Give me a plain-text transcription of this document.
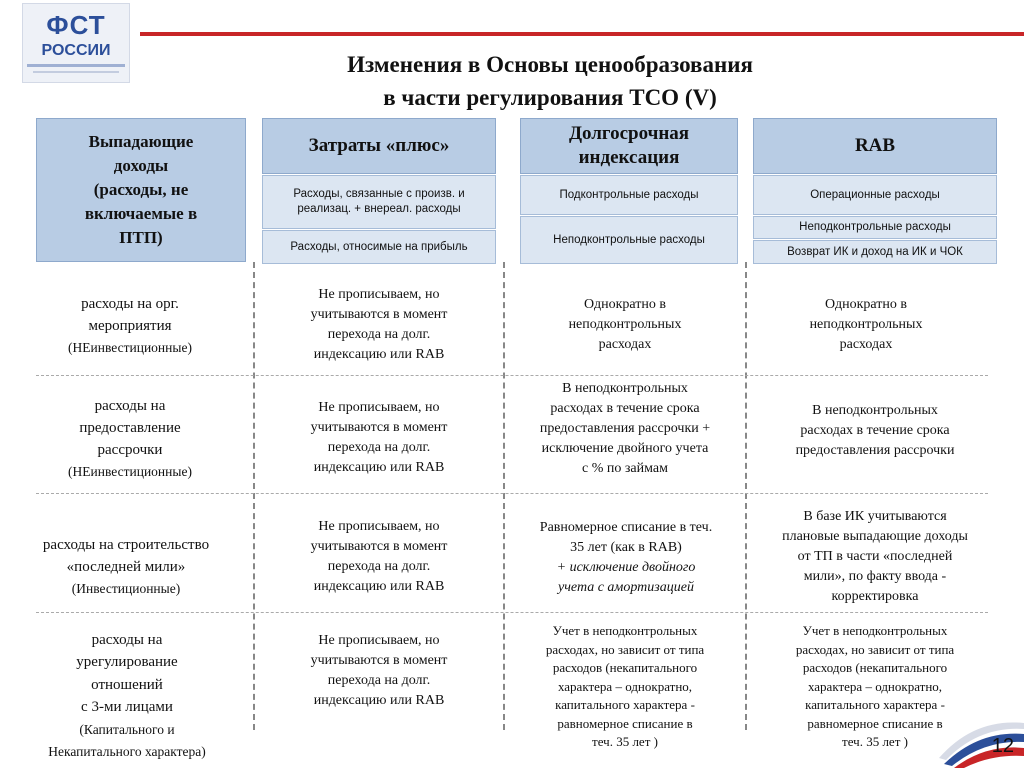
ФСТ
РОССИИ
Изменения в Основы ценообразования
в части регулирования ТСО (V)
Выпадающие
доходы
(расходы, не
включаемые в
ПТП)
Затраты «плюс»
Долгосрочная
индексация
RAB
Расходы, связанные с произв. и реализац. + внереал. расходы
Расходы, относимые на прибыль
Подконтрольные расходы
Неподконтрольные расходы
Операционные расходы
Неподконтрольные расходы
Возврат ИК и доход на ИК и ЧОК
расходы на орг.
мероприятия
(НЕинвестиционные)
Не прописываем, но
учитываются в момент
перехода на долг.
индексацию или RAB
Однократно в
неподконтрольных
расходах
Однократно в
неподконтрольных
расходах
расходы на
предоставление
рассрочки
(НЕинвестиционные)
Не прописываем, но
учитываются в момент
перехода на долг.
индексацию или RAB
В неподконтрольных
расходах в течение срока
предоставления рассрочки +
исключение двойного учета
с % по займам
В неподконтрольных
расходах в течение срока
предоставления рассрочки
расходы на строительство
«последней мили»
(Инвестиционные)
Не прописываем, но
учитываются в момент
перехода на долг.
индексацию или RAB
Равномерное списание в теч.
35 лет (как в RAB)
+ исключение двойного
учета с амортизацией
В базе ИК учитываются
плановые выпадающие доходы
от ТП в части «последней
мили», по факту ввода -
корректировка
расходы на
урегулирование
отношений
с 3-ми лицами
(Капитального и
Некапитального характера)
Не прописываем, но
учитываются в момент
перехода на долг.
индексацию или RAB
Учет в неподконтрольных
расходах, но зависит от типа
расходов (некапитального
характера – однократно,
капитального характера -
равномерное списание в
теч. 35 лет )
Учет в неподконтрольных
расходах, но зависит от типа
расходов (некапитального
характера – однократно,
капитального характера -
равномерное списание в
теч. 35 лет )	12
